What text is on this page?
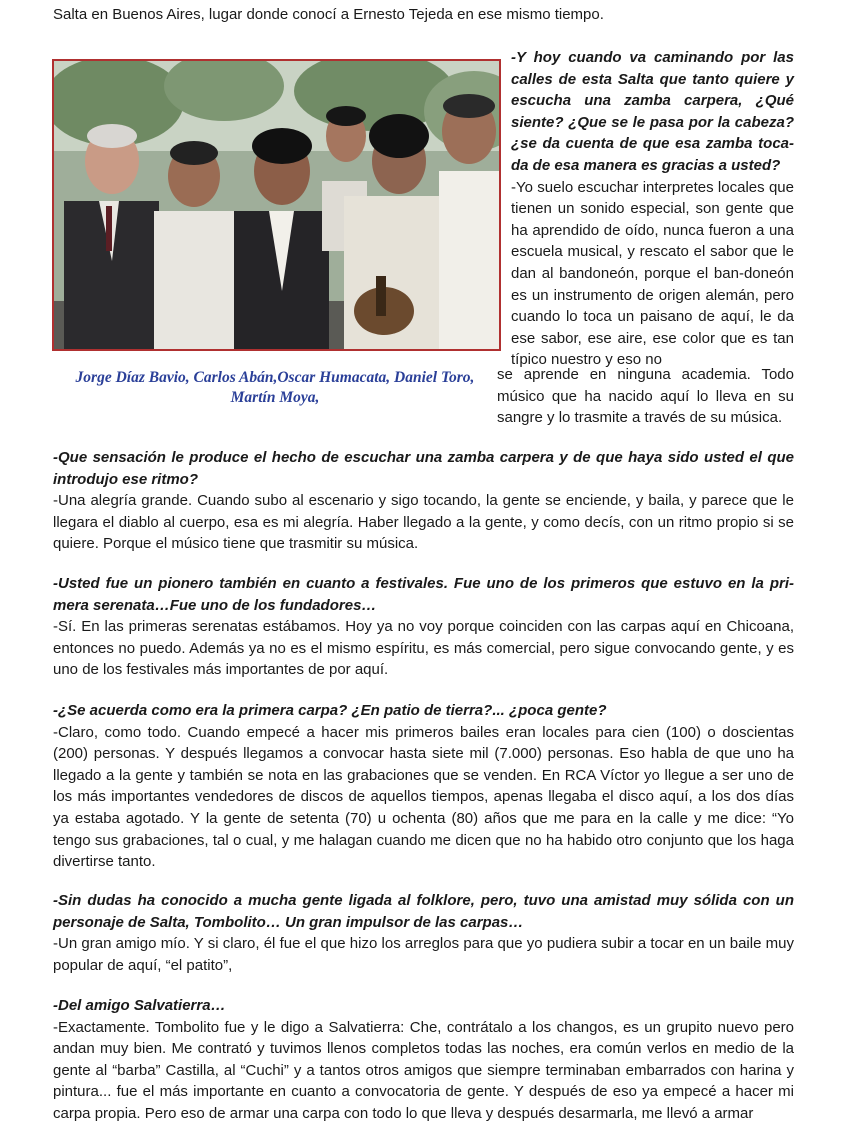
Salta en Buenos Aires, lugar donde conocí a Ernesto Tejeda en ese mismo tiempo.

Jorge Díaz Bavio, Carlos Abán,Oscar Humacata, Daniel Toro, Martín Moya,

-Y hoy cuando va caminando por las calles de esta Salta que tanto quiere y escucha una zamba carpera, ¿Qué siente? ¿Que se le pasa por la cabeza? ¿se da cuenta de que esa zamba toca-da de esa manera es gracias a usted?

-Yo suelo escuchar interpretes locales que tienen un sonido especial, son gente que ha aprendido de oído, nunca fueron a una escuela musical, y rescato el sabor que le dan al bandoneón, porque el ban-doneón es un instrumento de origen alemán, pero cuando lo toca un paisano de aquí, le da ese sabor, ese aire, ese color que es tan típico nuestro y eso no

se aprende en ninguna academia. Todo músico que ha nacido aquí lo lleva en su sangre y lo trasmite a través de su música.

-Que sensación le produce el hecho de escuchar una zamba carpera y de que haya sido usted el que introdujo ese ritmo?

-Una alegría grande. Cuando subo al escenario y sigo tocando, la gente se enciende, y baila, y parece que le llegara el diablo al cuerpo, esa es mi alegría. Haber llegado a la gente, y como decís, con un ritmo propio si se quiere. Porque el músico tiene que trasmitir su música.

-Usted fue un pionero también en cuanto a festivales. Fue uno de los primeros que estuvo en la pri-mera serenata…Fue uno de los fundadores…

-Sí. En las primeras serenatas estábamos. Hoy ya no voy porque coinciden con las carpas aquí en Chicoana, entonces no puedo. Además ya no es el mismo espíritu, es más comercial, pero sigue convocando gente, y es uno de los festivales más importantes de por aquí.

-¿Se acuerda como era la primera carpa? ¿En patio de tierra?... ¿poca gente?

-Claro, como todo. Cuando empecé a hacer mis primeros bailes eran locales para cien (100) o doscientas (200) personas. Y después llegamos a convocar hasta siete mil (7.000) personas. Eso habla de que uno ha llegado a la gente y también se nota en las grabaciones que se venden. En RCA Víctor yo llegue a ser uno de los más importantes vendedores de discos de aquellos tiempos, apenas llegaba el disco aquí, a los dos días ya estaba agotado. Y la gente de setenta (70) u ochenta (80) años que me para en la calle y me dice: “Yo tengo sus grabaciones, tal o cual, y me halagan cuando me dicen que no ha habido otro conjunto que los haga divertirse tanto.

-Sin dudas ha conocido a mucha gente ligada al folklore, pero, tuvo una amistad muy sólida con un personaje de Salta, Tombolito… Un gran impulsor de las carpas…

-Un gran amigo mío. Y si claro, él fue el que hizo los arreglos para que yo pudiera subir a tocar en un baile muy popular de aquí, “el patito”,

-Del amigo Salvatierra…

-Exactamente. Tombolito fue y le digo a Salvatierra: Che, contrátalo a los changos, es un grupito nuevo pero andan muy bien. Me contrató y tuvimos llenos completos todas las noches, era común verlos en medio de la gente al “barba” Castilla, al “Cuchi” y a tantos otros amigos que siempre terminaban embarrados con harina y pintura... fue el más importante en cuanto a convocatoria de gente. Y después de eso ya empecé a hacer mi carpa propia. Pero eso de armar una carpa con todo lo que lleva y después desarmarla, me llevó a armar
